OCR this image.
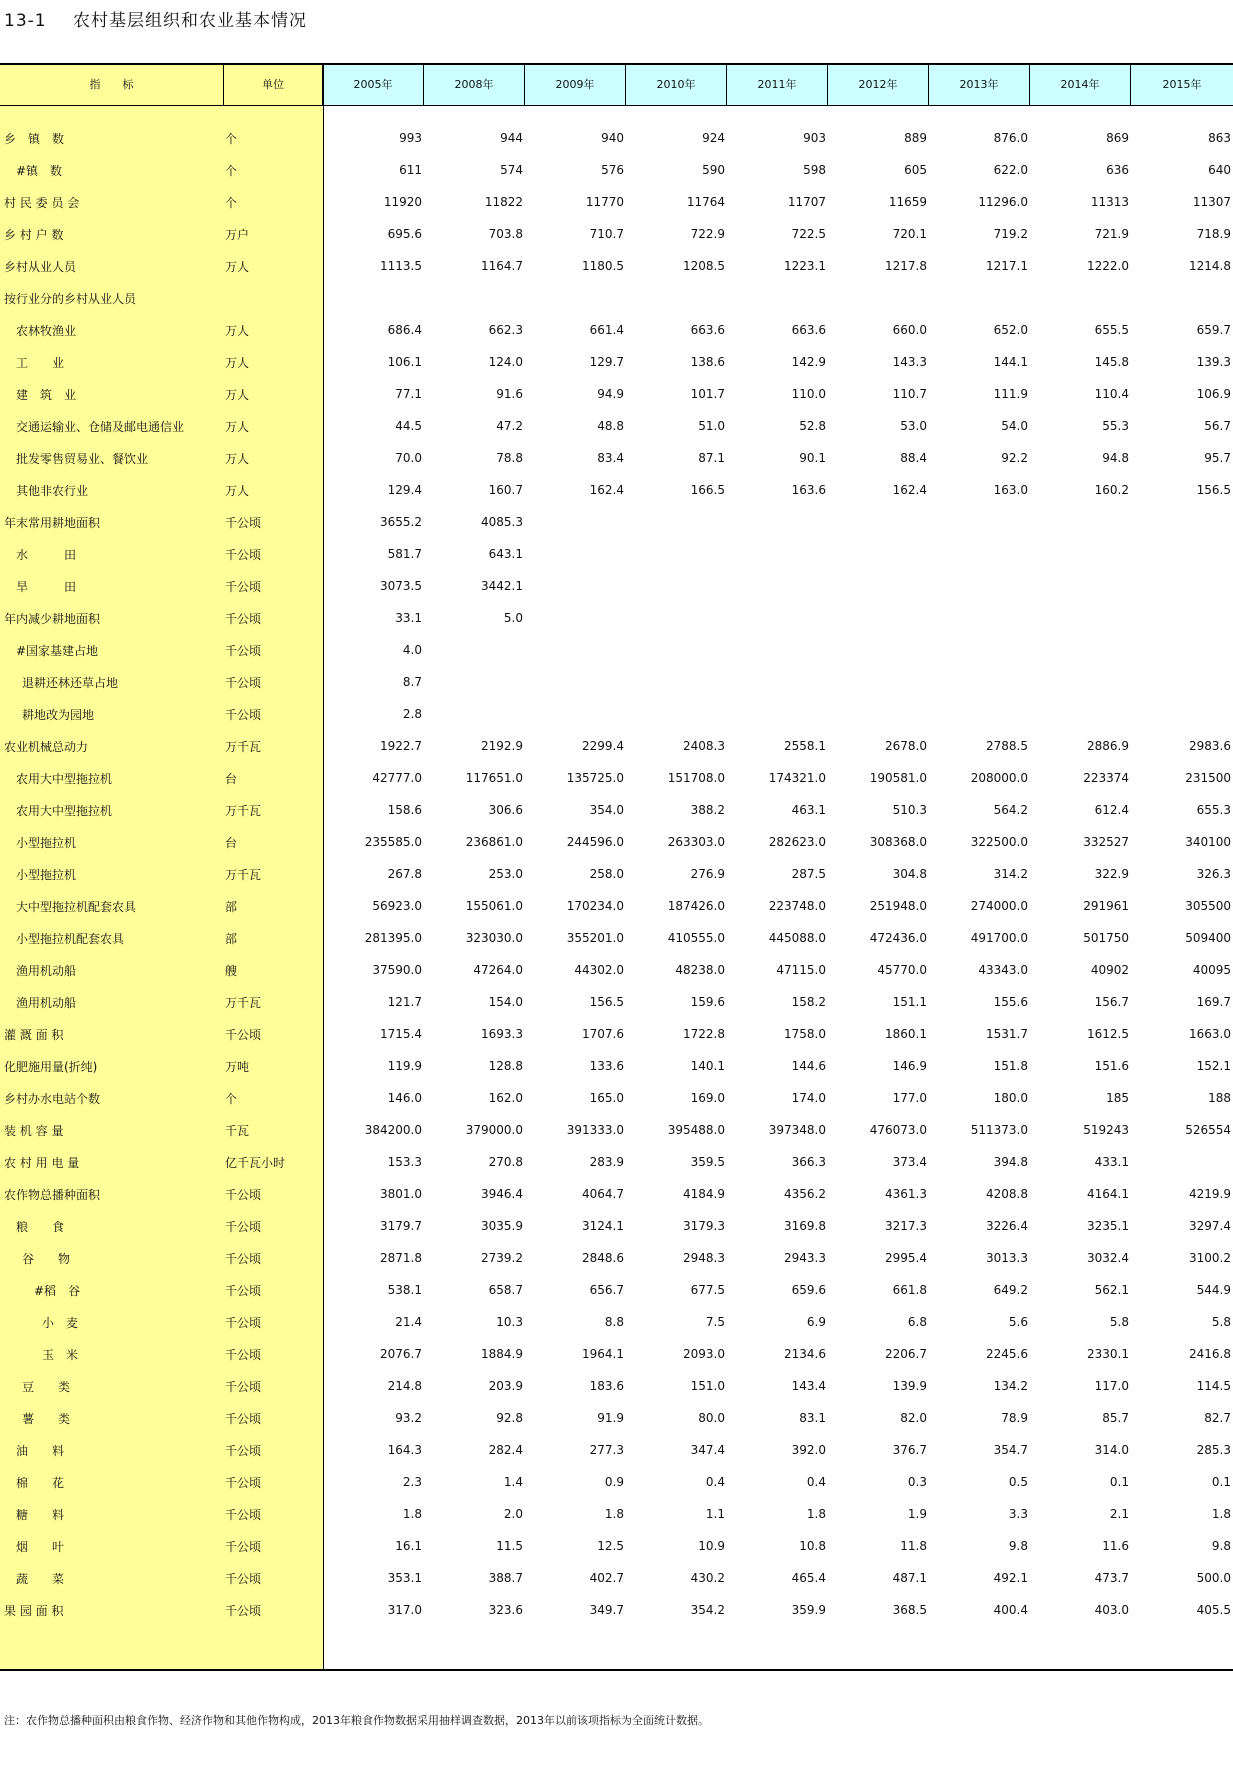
13-1 农村基层组织和农业基本情况
指　　标	单位	2005年	2008年	2009年	2010年	2011年	2012年	2013年	2014年	2015年
乡　镇　数	个	993	944	940	924	903	889	876.0	869	863
#镇　数	个	611	574	576	590	598	605	622.0	636	640
村 民 委 员 会	个	11920	11822	11770	11764	11707	11659	11296.0	11313	11307
乡 村 户 数	万户	695.6	703.8	710.7	722.9	722.5	720.1	719.2	721.9	718.9
乡村从业人员	万人	1113.5	1164.7	1180.5	1208.5	1223.1	1217.8	1217.1	1222.0	1214.8
按行业分的乡村从业人员
农林牧渔业	万人	686.4	662.3	661.4	663.6	663.6	660.0	652.0	655.5	659.7
工　　业	万人	106.1	124.0	129.7	138.6	142.9	143.3	144.1	145.8	139.3
建　筑　业	万人	77.1	91.6	94.9	101.7	110.0	110.7	111.9	110.4	106.9
交通运输业、仓储及邮电通信业	万人	44.5	47.2	48.8	51.0	52.8	53.0	54.0	55.3	56.7
批发零售贸易业、餐饮业	万人	70.0	78.8	83.4	87.1	90.1	88.4	92.2	94.8	95.7
其他非农行业	万人	129.4	160.7	162.4	166.5	163.6	162.4	163.0	160.2	156.5
年末常用耕地面积	千公顷	3655.2	4085.3
水　　　田	千公顷	581.7	643.1
旱　　　田	千公顷	3073.5	3442.1
年内减少耕地面积	千公顷	33.1	5.0
#国家基建占地	千公顷	4.0
退耕还林还草占地	千公顷	8.7
耕地改为园地	千公顷	2.8
农业机械总动力	万千瓦	1922.7	2192.9	2299.4	2408.3	2558.1	2678.0	2788.5	2886.9	2983.6
农用大中型拖拉机	台	42777.0	117651.0	135725.0	151708.0	174321.0	190581.0	208000.0	223374	231500
农用大中型拖拉机	万千瓦	158.6	306.6	354.0	388.2	463.1	510.3	564.2	612.4	655.3
小型拖拉机	台	235585.0	236861.0	244596.0	263303.0	282623.0	308368.0	322500.0	332527	340100
小型拖拉机	万千瓦	267.8	253.0	258.0	276.9	287.5	304.8	314.2	322.9	326.3
大中型拖拉机配套农具	部	56923.0	155061.0	170234.0	187426.0	223748.0	251948.0	274000.0	291961	305500
小型拖拉机配套农具	部	281395.0	323030.0	355201.0	410555.0	445088.0	472436.0	491700.0	501750	509400
渔用机动船	艘	37590.0	47264.0	44302.0	48238.0	47115.0	45770.0	43343.0	40902	40095
渔用机动船	万千瓦	121.7	154.0	156.5	159.6	158.2	151.1	155.6	156.7	169.7
灌 溉 面 积	千公顷	1715.4	1693.3	1707.6	1722.8	1758.0	1860.1	1531.7	1612.5	1663.0
化肥施用量(折纯)	万吨	119.9	128.8	133.6	140.1	144.6	146.9	151.8	151.6	152.1
乡村办水电站个数	个	146.0	162.0	165.0	169.0	174.0	177.0	180.0	185	188
装 机 容 量	千瓦	384200.0	379000.0	391333.0	395488.0	397348.0	476073.0	511373.0	519243	526554
农 村 用 电 量	亿千瓦小时	153.3	270.8	283.9	359.5	366.3	373.4	394.8	433.1
农作物总播种面积	千公顷	3801.0	3946.4	4064.7	4184.9	4356.2	4361.3	4208.8	4164.1	4219.9
粮　　食	千公顷	3179.7	3035.9	3124.1	3179.3	3169.8	3217.3	3226.4	3235.1	3297.4
谷　　物	千公顷	2871.8	2739.2	2848.6	2948.3	2943.3	2995.4	3013.3	3032.4	3100.2
#稻　谷	千公顷	538.1	658.7	656.7	677.5	659.6	661.8	649.2	562.1	544.9
小　麦	千公顷	21.4	10.3	8.8	7.5	6.9	6.8	5.6	5.8	5.8
玉　米	千公顷	2076.7	1884.9	1964.1	2093.0	2134.6	2206.7	2245.6	2330.1	2416.8
豆　　类	千公顷	214.8	203.9	183.6	151.0	143.4	139.9	134.2	117.0	114.5
薯　　类	千公顷	93.2	92.8	91.9	80.0	83.1	82.0	78.9	85.7	82.7
油　　料	千公顷	164.3	282.4	277.3	347.4	392.0	376.7	354.7	314.0	285.3
棉　　花	千公顷	2.3	1.4	0.9	0.4	0.4	0.3	0.5	0.1	0.1
糖　　料	千公顷	1.8	2.0	1.8	1.1	1.8	1.9	3.3	2.1	1.8
烟　　叶	千公顷	16.1	11.5	12.5	10.9	10.8	11.8	9.8	11.6	9.8
蔬　　菜	千公顷	353.1	388.7	402.7	430.2	465.4	487.1	492.1	473.7	500.0
果 园 面 积	千公顷	317.0	323.6	349.7	354.2	359.9	368.5	400.4	403.0	405.5
注：农作物总播种面积由粮食作物、经济作物和其他作物构成，2013年粮食作物数据采用抽样调查数据，2013年以前该项指标为全面统计数据。
